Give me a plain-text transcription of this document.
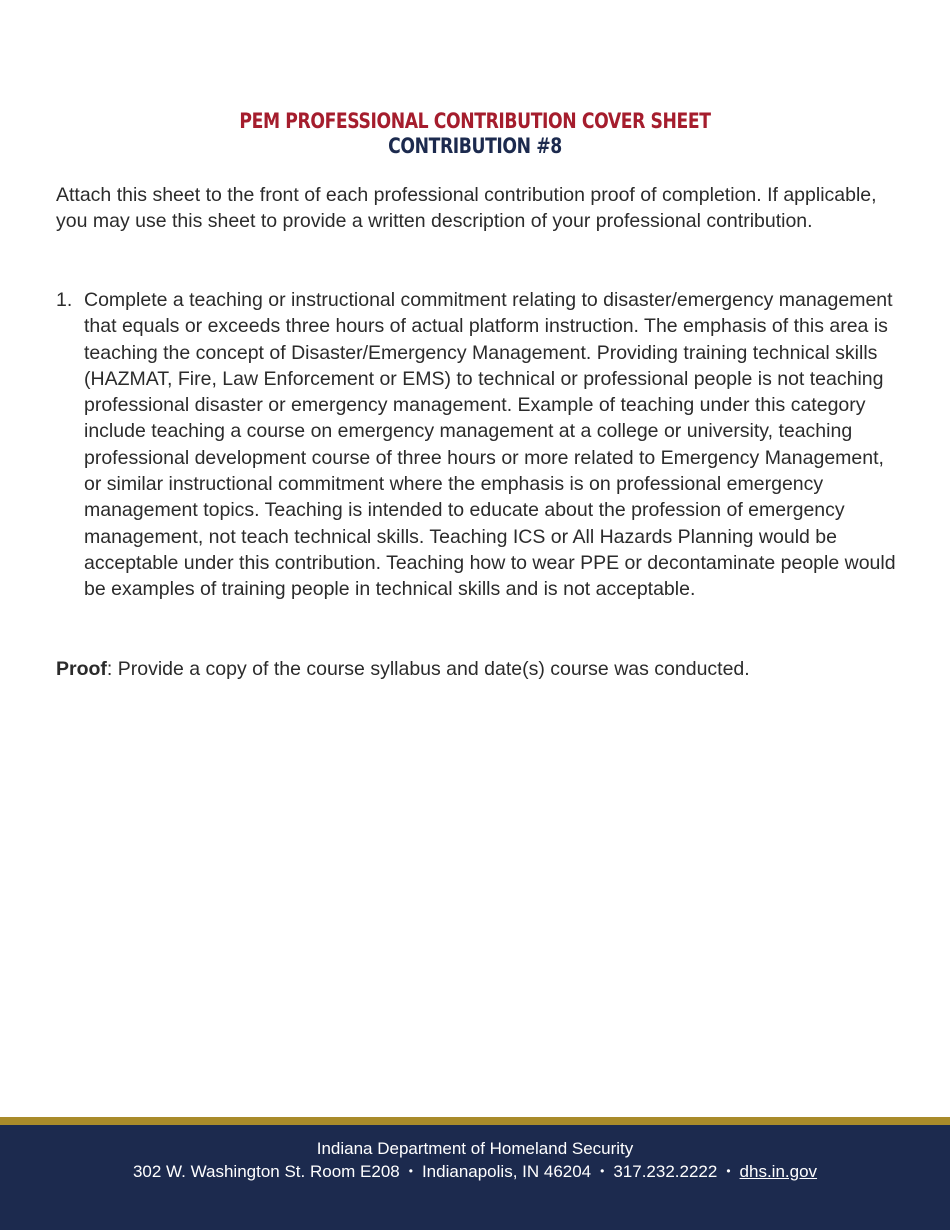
PEM PROFESSIONAL CONTRIBUTION COVER SHEET
CONTRIBUTION #8

Attach this sheet to the front of each professional contribution proof of completion. If applicable, you may use this sheet to provide a written description of your professional contribution.

1. Complete a teaching or instructional commitment relating to disaster/emergency management that equals or exceeds three hours of actual platform instruction. The emphasis of this area is teaching the concept of Disaster/Emergency Management. Providing training technical skills (HAZMAT, Fire, Law Enforcement or EMS) to technical or professional people is not teaching professional disaster or emergency management. Example of teaching under this category include teaching a course on emergency management at a college or university, teaching professional development course of three hours or more related to Emergency Management, or similar instructional commitment where the emphasis is on professional emergency management topics. Teaching is intended to educate about the profession of emergency management, not teach technical skills. Teaching ICS or All Hazards Planning would be acceptable under this contribution. Teaching how to wear PPE or decontaminate people would be examples of training people in technical skills and is not acceptable.

Proof: Provide a copy of the course syllabus and date(s) course was conducted.

Indiana Department of Homeland Security
302 W. Washington St. Room E208 • Indianapolis, IN 46204 • 317.232.2222 • dhs.in.gov
